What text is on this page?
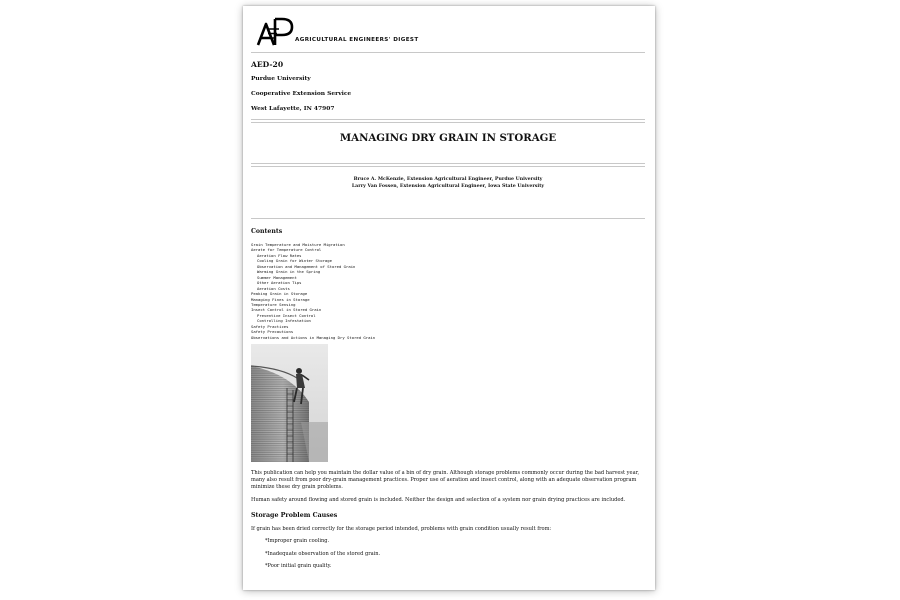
AGRICULTURAL ENGINEERS' DIGEST
AED-20
Purdue University
Cooperative Extension Service
West Lafayette, IN 47907
MANAGING DRY GRAIN IN STORAGE
Bruce A. McKenzie, Extension Agricultural Engineer, Purdue University
Larry Van Fossen, Extension Agricultural Engineer, Iowa State University
Contents
Grain Temperature and Moisture Migration
Aerate for Temperature Control
Aeration Flow Rates
Cooling Grain for Winter Storage
Observation and Management of Stored Grain
Warming Grain in the Spring
Summer Management
Other Aeration Tips
Aeration Costs
Peaking Grain in Storage
Managing Fines in Storage
Temperature Sensing
Insect Control in Stored Grain
Preventive Insect Control
Controlling Infestation
Safety Practices
Safety Precautions
Observations and Actions in Managing Dry Stored Grain
This publication can help you maintain the dollar value of a bin of dry grain. Although storage problems commonly occur during the bad harvest year, many also result from poor dry-grain management practices. Proper use of aeration and insect control, along with an adequate observation program minimize these dry grain problems.
Human safety around flowing and stored grain is included. Neither the design and selection of a system nor grain drying practices are included.
Storage Problem Causes
If grain has been dried correctly for the storage period intended, problems with grain condition usually result from:
*Improper grain cooling.
*Inadequate observation of the stored grain.
*Poor initial grain quality.
